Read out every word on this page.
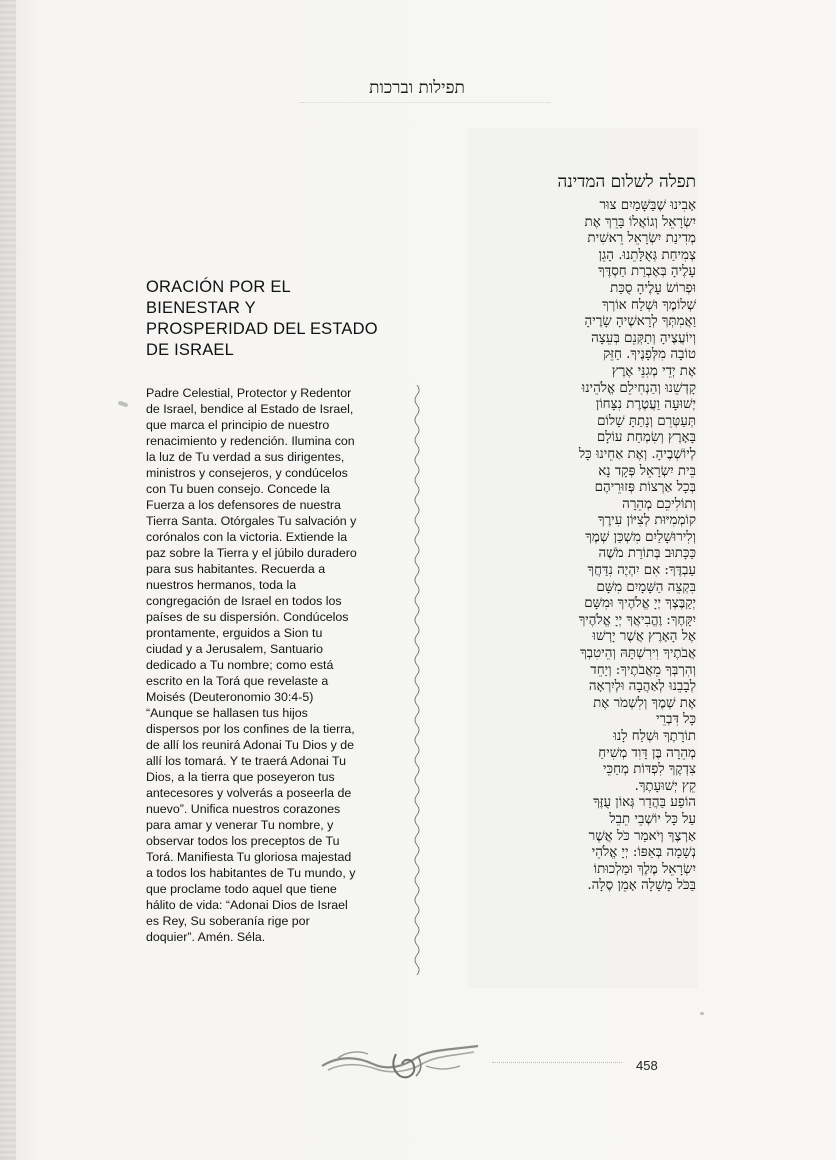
תפילות וברכות
ORACIÓN POR EL
BIENESTAR Y
PROSPERIDAD DEL ESTADO
DE ISRAEL
Padre Celestial, Protector y Redentor
de Israel, bendice al Estado de Israel,
que marca el principio de nuestro
renacimiento y redención. Ilumina con
la luz de Tu verdad a sus dirigentes,
ministros y consejeros, y condúcelos
con Tu buen consejo. Concede la
Fuerza a los defensores de nuestra
Tierra Santa. Otórgales Tu salvación y
corónalos con la victoria. Extiende la
paz sobre la Tierra y el júbilo duradero
para sus habitantes. Recuerda a
nuestros hermanos, toda la
congregación de Israel en todos los
países de su dispersión. Condúcelos
prontamente, erguidos a Sion tu
ciudad y a Jerusalem, Santuario
dedicado a Tu nombre; como está
escrito en la Torá que revelaste a
Moisés (Deuteronomio 30:4-5)
“Aunque se hallasen tus hijos
dispersos por los confines de la tierra,
de allí los reunirá Adonai Tu Dios y de
allí los tomará. Y te traerá Adonai Tu
Dios, a la tierra que poseyeron tus
antecesores y volverás a poseerla de
nuevo”. Unifica nuestros corazones
para amar y venerar Tu nombre, y
observar todos los preceptos de Tu
Torá. Manifiesta Tu gloriosa majestad
a todos los habitantes de Tu mundo, y
que proclame todo aquel que tiene
hálito de vida: “Adonai Dios de Israel
es Rey, Su soberanía rige por
doquier”. Amén. Séla.
תפלה לשלום המדינה
אָבִינוּ שֶׁבַּשָּׁמַיִם צוּר
יִשְׂרָאֵל וְגוֹאֲלוֹ בָּרֵךְ אֶת
מְדִינַת יִשְׂרָאֵל רֵאשִׁית
צְמִיחַת גְּאֻלָּתֵנוּ. הָגֵן
עָלֶיהָ בְּאֶבְרַת חַסְדֶּךָ
וּפְרוֹשׂ עָלֶיהָ סֻכַּת
שְׁלוֹמֶךָ וּשְׁלַח אוֹרְךָ
וַאֲמִתְּךָ לְרָאשֶׁיהָ שָׂרֶיהָ
וְיוֹעֲצֶיהָ וְתַקְּנֵם בְּעֵצָה
טוֹבָה מִלְּפָנֶיךָ. חַזֵּק
אֶת יְדֵי מְגִנֵּי אֶרֶץ
קָדְשֵׁנוּ וְהַנְחִילֵם אֱלֹהֵינוּ
יְשׁוּעָה וַעֲטֶרֶת נִצָּחוֹן
תְּעַטְּרֵם וְנָתַתָּ שָׁלוֹם
בָּאָרֶץ וְשִׂמְחַת עוֹלָם
לְיוֹשְׁבֶיהָ. וְאֶת אַחֵינוּ כָּל
בֵּית יִשְׂרָאֵל פְּקָד נָא
בְּכָל אַרְצוֹת פְּזוּרֵיהֶם
וְתוֹלִיכֵם מְהֵרָה
קוֹמְמִיּוּת לְצִיּוֹן עִירֶךָ
וְלִירוּשָׁלַיִם מִשְׁכַּן שְׁמֶךָ
כַּכָּתוּב בְּתוֹרַת מֹשֶׁה
עַבְדֶּךָ: אִם יִהְיֶה נִדַּחֲךָ
בִּקְצֵה הַשָּׁמָיִם מִשָּׁם
יְקַבֶּצְךָ יְיָ אֱלֹהֶיךָ וּמִשָּׁם
יִקָּחֶךָ: וֶהֱבִיאֲךָ יְיָ אֱלֹהֶיךָ
אֶל הָאָרֶץ אֲשֶׁר יָרְשׁוּ
אֲבֹתֶיךָ וִירִשְׁתָּהּ וְהֵיטִבְךָ
וְהִרְבְּךָ מֵאֲבֹתֶיךָ: וְיַחֵד
לְבָבֵנוּ לְאַהֲבָה וּלְיִרְאָה
אֶת שְׁמֶךָ וְלִשְׁמֹר אֶת
כָּל דִּבְרֵי
תוֹרָתֶךָ וּשְׁלַח לָנוּ
מְהֵרָה בֶּן דָּוִד מְשִׁיחַ
צִדְקֶךָ לִפְדּוֹת מְחַכֵּי
קֵץ יְשׁוּעָתֶךָ.
הוֹפַע בַּהֲדַר גְּאוֹן עֻזֶּךָ
עַל כָּל יוֹשְׁבֵי תֵבֵל
אַרְצֶךָ וְיֹאמַר כֹּל אֲשֶׁר
נְשָׁמָה בְּאַפּוֹ: יְיָ אֱלֹהֵי
יִשְׂרָאֵל מֶלֶךְ וּמַלְכוּתוֹ
בַּכֹּל מָשָׁלָה אָמֵן סֶלָה.
458
